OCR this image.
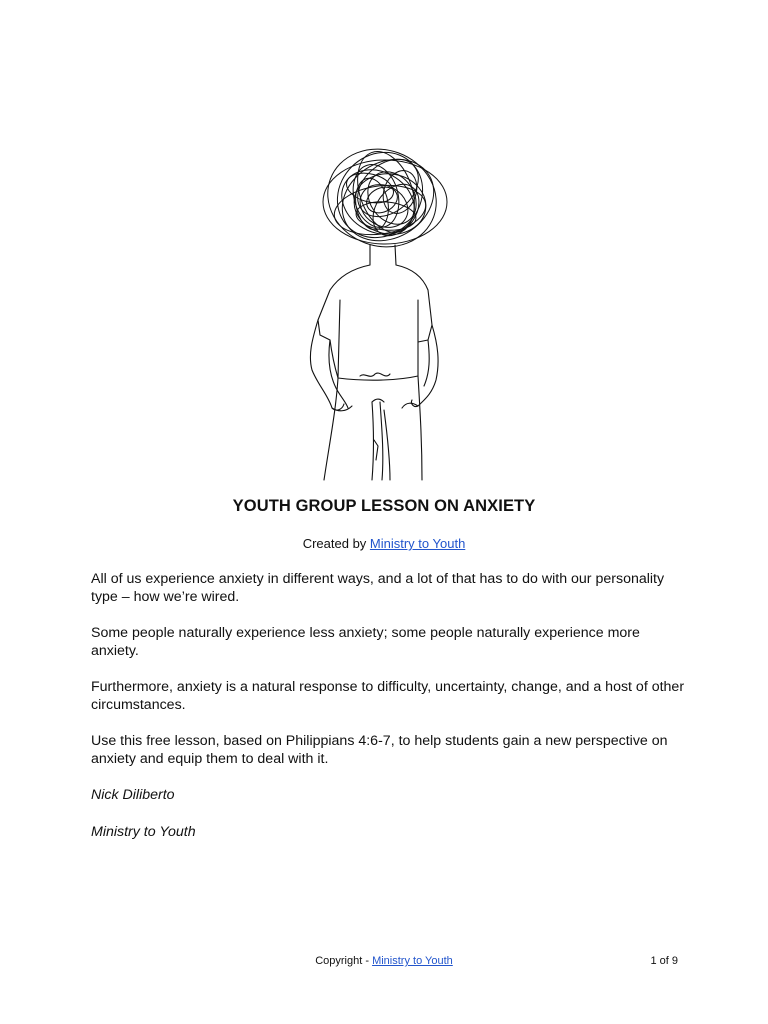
YOUTH GROUP LESSON ON ANXIETY
Created by Ministry to Youth

All of us experience anxiety in different ways, and a lot of that has to do with our personality type – how we’re wired.

Some people naturally experience less anxiety; some people naturally experience more anxiety.

Furthermore, anxiety is a natural response to difficulty, uncertainty, change, and a host of other circumstances.

Use this free lesson, based on Philippians 4:6-7, to help students gain a new perspective on anxiety and equip them to deal with it.

Nick Diliberto

Ministry to Youth

Copyright - Ministry to Youth	1 of 9
